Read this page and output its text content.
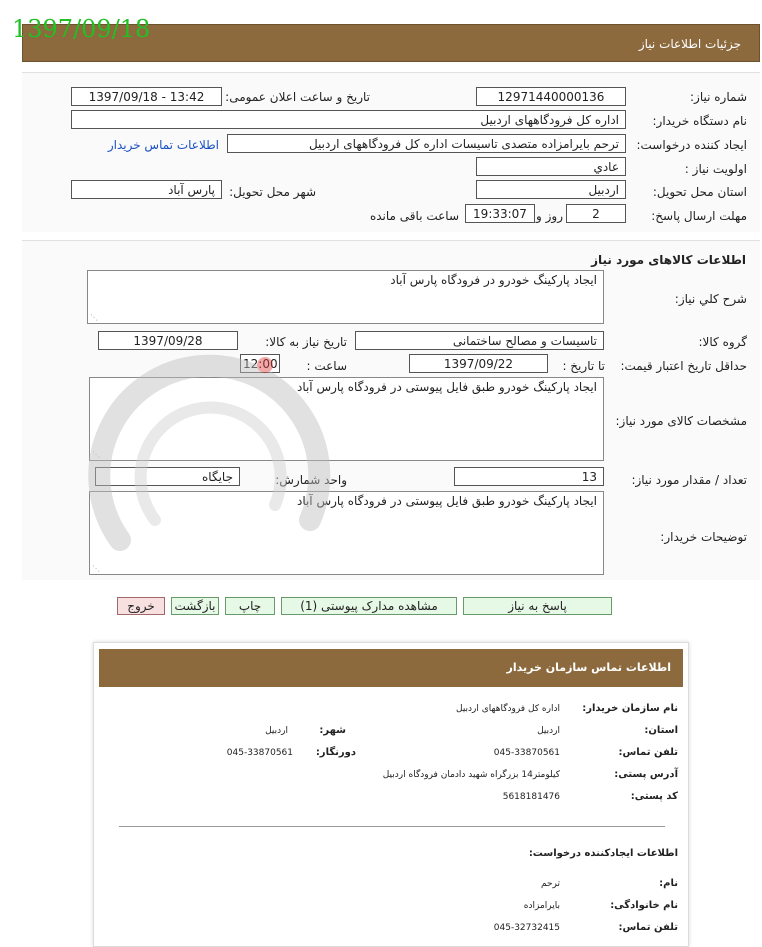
جزئیات اطلاعات نیاز
1397/09/18
شماره نیاز:
12971440000136
تاریخ و ساعت اعلان عمومی:
1397/09/18 - 13:42
نام دستگاه خریدار:
اداره کل فرودگاههای اردبیل
ایجاد کننده درخواست:
ترحم بایرامزاده متصدی تاسیسات اداره کل فرودگاههای اردبیل
اطلاعات تماس خریدار
اولویت نیاز :
عادي
استان محل تحویل:
اردبیل
شهر محل تحویل:
پارس آباد
مهلت ارسال پاسخ:
2
روز و
19:33:07
ساعت باقی مانده
اطلاعات کالاهای مورد نیاز
شرح کلي نياز:
ایجاد پارکینگ خودرو در فرودگاه پارس آباد
⋰
گروه کالا:
تاسیسات و مصالح ساختمانی
تاریخ نیاز به کالا:
1397/09/28
حداقل تاریخ اعتبار قیمت:
تا تاریخ :
1397/09/22
ساعت :
12:00
مشخصات کالای مورد نیاز:
ایجاد پارکینگ خودرو طبق فایل پیوستی در فرودگاه پارس آباد
⋰
تعداد / مقدار مورد نیاز:
13
واحد شمارش:
جایگاه
توضیحات خریدار:
ایجاد پارکینگ خودرو طبق فایل پیوستی در فرودگاه پارس آباد
⋰
پاسخ به نیاز
مشاهده مدارک پیوستی (1)
چاپ
بازگشت
خروج
اطلاعات تماس سازمان خریدار
نام سازمان خریدار:
اداره کل فرودگاههای اردبیل
استان:
اردبیل
شهر:
اردبیل
تلفن تماس:
045-33870561
دورنگار:
045-33870561
آدرس پستی:
کیلومتر14 بزرگراه شهید دادمان فرودگاه اردبیل
کد پستی:
5618181476
اطلاعات ایجادکننده درخواست:
نام:
ترحم
نام خانوادگی:
بایرامزاده
تلفن تماس:
045-32732415
